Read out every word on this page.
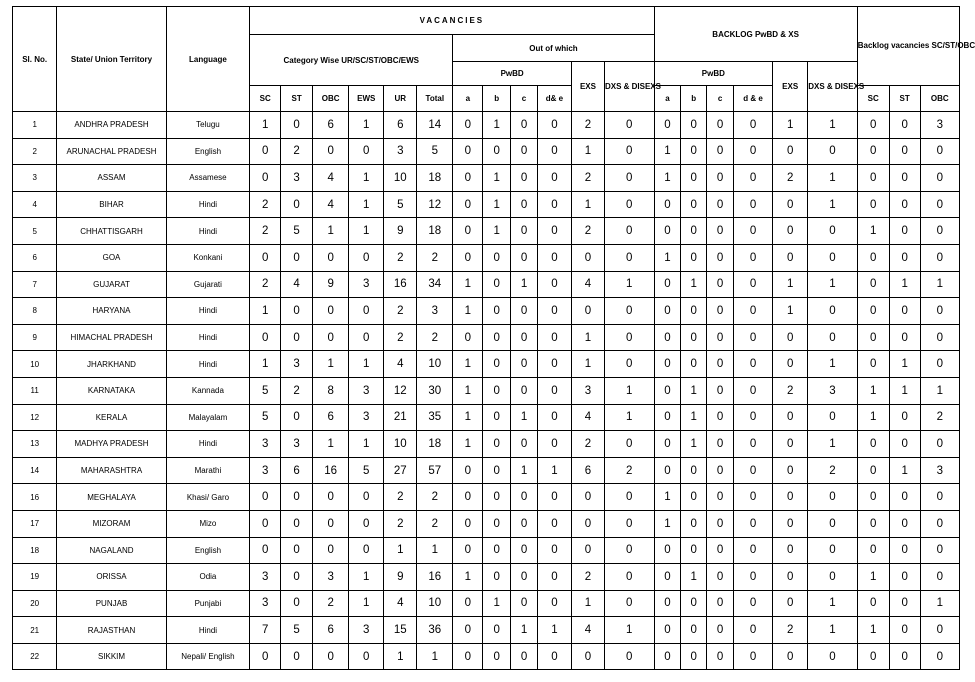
Sl. No.	State/ Union Territory	Language	VACANCIES												BACKLOG PwBD & XS						Backlog vacancies SC/ST/OBC		
			Category Wise UR/SC/ST/OBC/EWS						Out of which														
									PwBD				EXS	DXS & DISEXS	PwBD				EXS	DXS & DISEXS			
			SC	ST	OBC	EWS	UR	Total	a	b	c	d& e			a	b	c	d & e			SC	ST	OBC
1	ANDHRA PRADESH	Telugu	1	0	6	1	6	14	0	1	0	0	2	0	0	0	0	0	1	1	0	0	3
2	ARUNACHAL PRADESH	English	0	2	0	0	3	5	0	0	0	0	1	0	1	0	0	0	0	0	0	0	0
3	ASSAM	Assamese	0	3	4	1	10	18	0	1	0	0	2	0	1	0	0	0	2	1	0	0	0
4	BIHAR	Hindi	2	0	4	1	5	12	0	1	0	0	1	0	0	0	0	0	0	1	0	0	0
5	CHHATTISGARH	Hindi	2	5	1	1	9	18	0	1	0	0	2	0	0	0	0	0	0	0	1	0	0
6	GOA	Konkani	0	0	0	0	2	2	0	0	0	0	0	0	1	0	0	0	0	0	0	0	0
7	GUJARAT	Gujarati	2	4	9	3	16	34	1	0	1	0	4	1	0	1	0	0	1	1	0	1	1
8	HARYANA	Hindi	1	0	0	0	2	3	1	0	0	0	0	0	0	0	0	0	1	0	0	0	0
9	HIMACHAL PRADESH	Hindi	0	0	0	0	2	2	0	0	0	0	1	0	0	0	0	0	0	0	0	0	0
10	JHARKHAND	Hindi	1	3	1	1	4	10	1	0	0	0	1	0	0	0	0	0	0	1	0	1	0
11	KARNATAKA	Kannada	5	2	8	3	12	30	1	0	0	0	3	1	0	1	0	0	2	3	1	1	1
12	KERALA	Malayalam	5	0	6	3	21	35	1	0	1	0	4	1	0	1	0	0	0	0	1	0	2
13	MADHYA PRADESH	Hindi	3	3	1	1	10	18	1	0	0	0	2	0	0	1	0	0	0	1	0	0	0
14	MAHARASHTRA	Marathi	3	6	16	5	27	57	0	0	1	1	6	2	0	0	0	0	0	2	0	1	3
16	MEGHALAYA	Khasi/ Garo	0	0	0	0	2	2	0	0	0	0	0	0	1	0	0	0	0	0	0	0	0
17	MIZORAM	Mizo	0	0	0	0	2	2	0	0	0	0	0	0	1	0	0	0	0	0	0	0	0
18	NAGALAND	English	0	0	0	0	1	1	0	0	0	0	0	0	0	0	0	0	0	0	0	0	0
19	ORISSA	Odia	3	0	3	1	9	16	1	0	0	0	2	0	0	1	0	0	0	0	1	0	0
20	PUNJAB	Punjabi	3	0	2	1	4	10	0	1	0	0	1	0	0	0	0	0	0	1	0	0	1
21	RAJASTHAN	Hindi	7	5	6	3	15	36	0	0	1	1	4	1	0	0	0	0	2	1	1	0	0
22	SIKKIM	Nepali/ English	0	0	0	0	1	1	0	0	0	0	0	0	0	0	0	0	0	0	0	0	0
